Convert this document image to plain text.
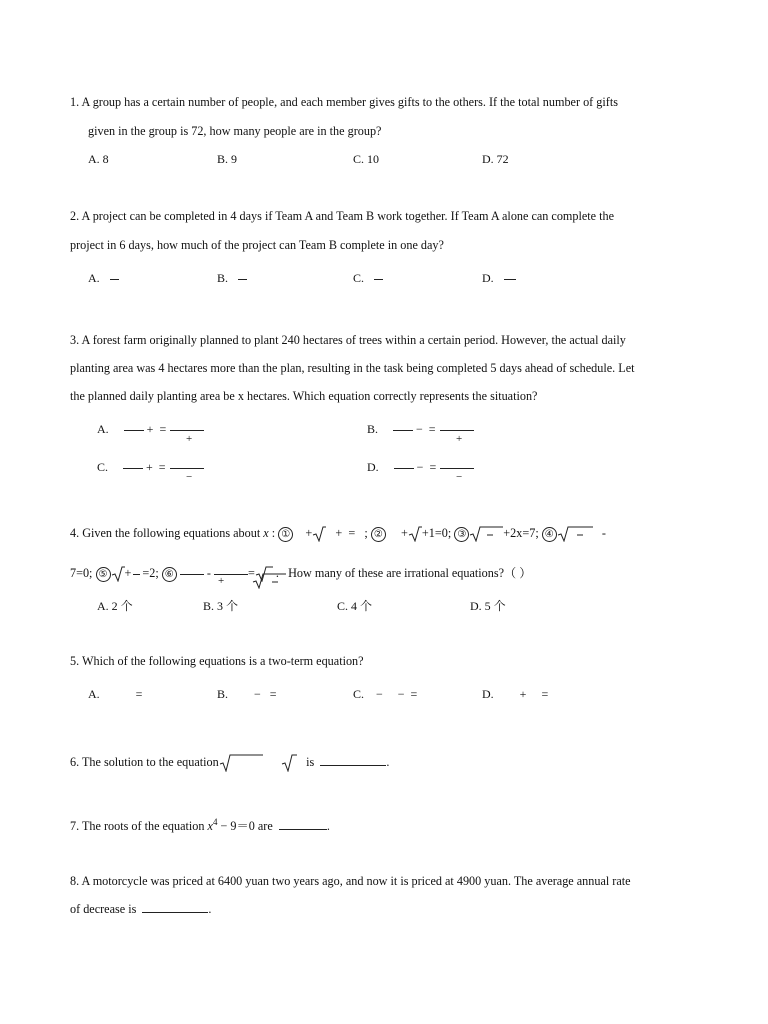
1. A group has a certain number of people, and each member gives gifts to the others. If the total number of gifts
given in the group is 72, how many people are in the group?
A. 8	B. 9	C. 10	D. 72
2. A project can be completed in 4 days if Team A and Team B work together. If Team A alone can complete the
project in 6 days, how much of the project can Team B complete in one day?
A.	B.	C.	D.
3. A forest farm originally planned to plant 240 hectares of trees within a certain period. However, the actual daily
planting area was 4 hectares more than the plan, resulting in the task being completed 5 days ahead of schedule. Let
the planned daily planting area be x hectares. Which equation correctly represents the situation?
A.	+  =
+
B.	−  =
+
C.	+  =
−
D.	−  =
−
4. Given the following equations about x : ①    +   +  =   ; ②     + +1=0; ③	+2x=7; ④	-
7=0; ⑤ + =2; ⑥  -	= .   How many of these are irrational equations?（ ）
+
A. 2 个	B. 3 个	C. 4 个	D. 5 个
5. Which of the following equations is a two-term equation?
A.	=	B. −   =	C. −     −  =	D. +     =
6. The solution to the equation	is	.
7. The roots of the equation $x^4 - 9=0$ are	.
8. A motorcycle was priced at 6400 yuan two years ago, and now it is priced at 4900 yuan. The average annual rate
of decrease is	.
